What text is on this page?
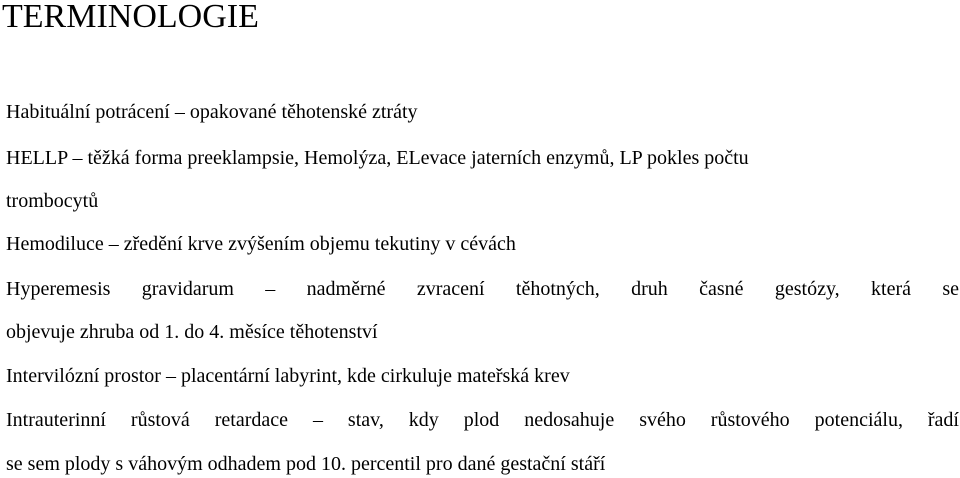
TERMINOLOGIE

Habituální potrácení – opakované těhotenské ztráty

HELLP – těžká forma preeklampsie, Hemolýza, ELevace jaterních enzymů, LP pokles počtu

trombocytů

Hemodiluce – zředění krve zvýšením objemu tekutiny v cévách

Hyperemesis gravidarum – nadměrné zvracení těhotných, druh časné gestózy, která se

objevuje zhruba od 1. do 4. měsíce těhotenství

Intervilózní prostor – placentární labyrint, kde cirkuluje mateřská krev

Intrauterinní růstová retardace – stav, kdy plod nedosahuje svého růstového potenciálu, řadí

se sem plody s váhovým odhadem pod 10. percentil pro dané gestační stáří
